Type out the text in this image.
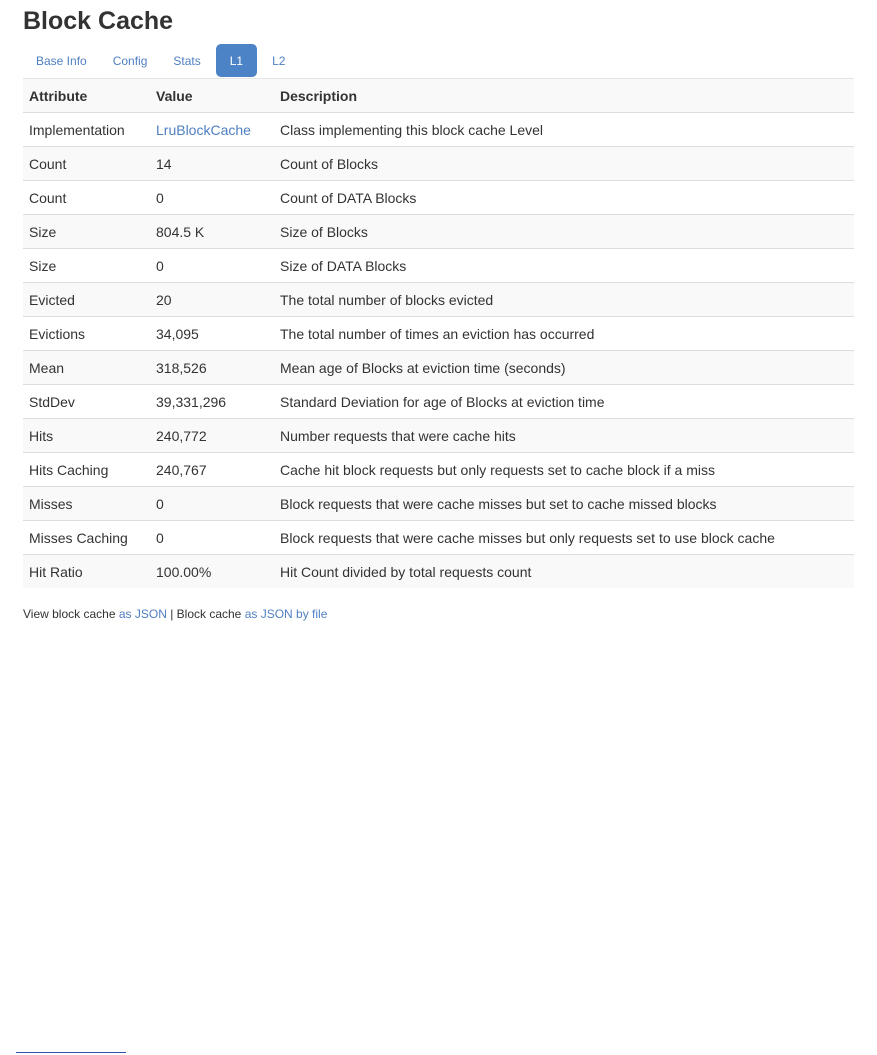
Block Cache
Base Info	Config	Stats	L1	L2
Attribute	Value	Description
Implementation	LruBlockCache	Class implementing this block cache Level
Count	14	Count of Blocks
Count	0	Count of DATA Blocks
Size	804.5 K	Size of Blocks
Size	0	Size of DATA Blocks
Evicted	20	The total number of blocks evicted
Evictions	34,095	The total number of times an eviction has occurred
Mean	318,526	Mean age of Blocks at eviction time (seconds)
StdDev	39,331,296	Standard Deviation for age of Blocks at eviction time
Hits	240,772	Number requests that were cache hits
Hits Caching	240,767	Cache hit block requests but only requests set to cache block if a miss
Misses	0	Block requests that were cache misses but set to cache missed blocks
Misses Caching	0	Block requests that were cache misses but only requests set to use block cache
Hit Ratio	100.00%	Hit Count divided by total requests count
View block cache as JSON | Block cache as JSON by file
